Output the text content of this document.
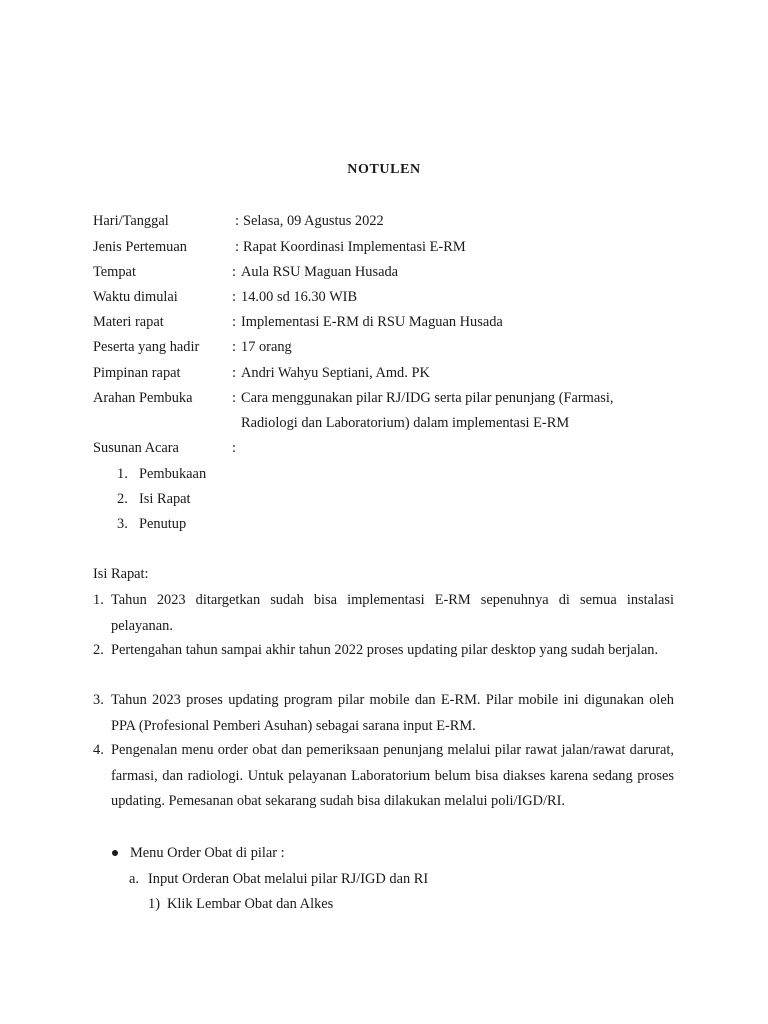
NOTULEN
Hari/Tanggal	: Selasa, 09 Agustus 2022
Jenis Pertemuan	: Rapat Koordinasi Implementasi E-RM
Tempat	: Aula RSU Maguan Husada
Waktu dimulai	: 14.00 sd 16.30 WIB
Materi rapat	: Implementasi E-RM di RSU Maguan Husada
Peserta yang hadir : 17 orang
Pimpinan rapat	: Andri Wahyu Septiani, Amd. PK
Arahan Pembuka	: Cara menggunakan pilar RJ/IDG serta pilar penunjang (Farmasi,
Radiologi dan Laboratorium) dalam implementasi E-RM
Susunan Acara	:
1. Pembukaan
2. Isi Rapat
3. Penutup
Isi Rapat:
1. Tahun 2023 ditargetkan sudah bisa implementasi E-RM sepenuhnya di semua instalasi pelayanan.
2. Pertengahan tahun sampai akhir tahun 2022 proses updating pilar desktop yang sudah berjalan.
3. Tahun 2023 proses updating program pilar mobile dan E-RM. Pilar mobile ini digunakan oleh PPA (Profesional Pemberi Asuhan) sebagai sarana input E-RM.
4. Pengenalan menu order obat dan pemeriksaan penunjang melalui pilar rawat jalan/rawat darurat, farmasi, dan radiologi. Untuk pelayanan Laboratorium belum bisa diakses karena sedang proses updating. Pemesanan obat sekarang sudah bisa dilakukan melalui poli/IGD/RI.
Menu Order Obat di pilar :
a. Input Orderan Obat melalui pilar RJ/IGD dan RI
1) Klik Lembar Obat dan Alkes
